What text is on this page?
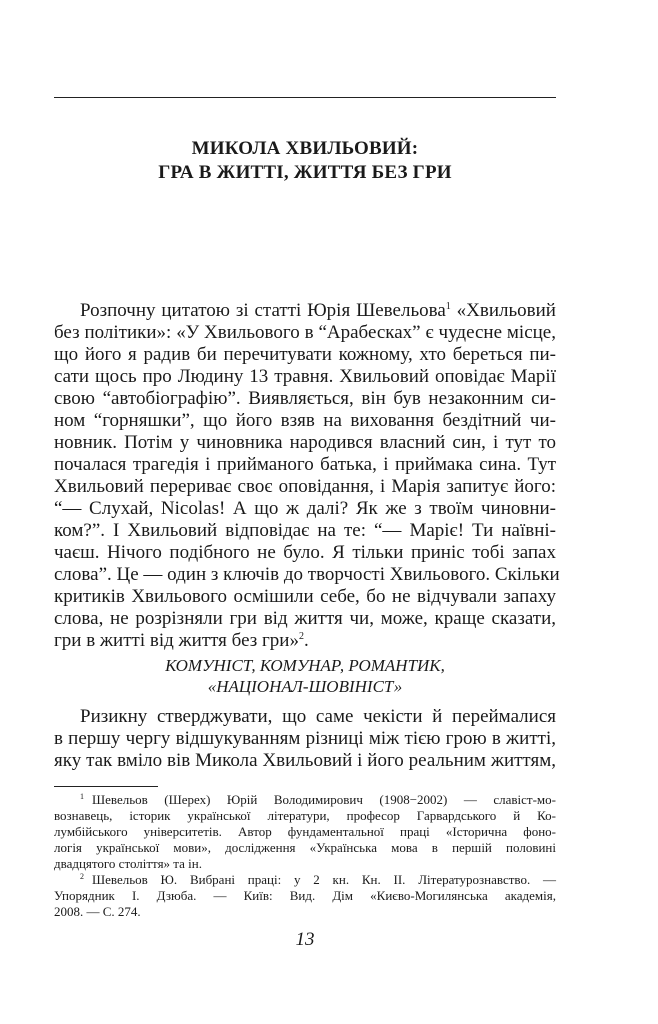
МИКОЛА ХВИЛЬОВИЙ:
ГРА В ЖИТТІ, ЖИТТЯ БЕЗ ГРИ
Розпочну цитатою зі статті Юрія Шевельова$^1$ «Хвильовий
без політики»: «У Хвильового в “Арабесках” є чудесне місце,
що його я радив би перечитувати кожному, хто береться пи-
сати щось про Людину 13 травня. Хвильовий оповідає Марії
свою “автобіографію”. Виявляється, він був незаконним си-
ном “горняшки”, що його взяв на виховання бездітний чи-
новник. Потім у чиновника народився власний син, і тут то
почалася трагедія і прийманого батька, і приймака сина. Тут
Хвильовий перериває своє оповідання, і Марія запитує його:
“— Слухай, Nicolas! А що ж далі? Як же з твоїм чиновни-
ком?”. І Хвильовий відповідає на те: “— Маріє! Ти наївні-
чаєш. Нічого подібного не було. Я тільки приніс тобі запах
слова”. Це — один з ключів до творчості Хвильового. Скільки
критиків Хвильового осмішили себе, бо не відчували запаху
слова, не розрізняли гри від життя чи, може, краще сказати,
гри в житті від життя без гри»$^2$.
КОМУНІСТ, КОМУНАР, РОМАНТИК,
«НАЦІОНАЛ-ШОВІНІСТ»
Ризикну стверджувати, що саме чекісти й переймалися
в першу чергу відшукуванням різниці між тією грою в житті,
яку так вміло вів Микола Хвильовий і його реальним життям,
$^1$ Шевельов (Шерех) Юрій Володимирович (1908−2002) — славіст-мо-
вознавець, історик української літератури, професор Гарвардського й Ко-
лумбійського університетів. Автор фундаментальної праці «Історична фоно-
логія української мови», дослідження «Українська мова в першій половині
двадцятого століття» та ін.
$^2$ Шевельов Ю. Вибрані праці: у 2 кн. Кн. II. Літературознавство. —
Упорядник І. Дзюба. — Київ: Вид. Дім «Києво-Могилянська академія,
2008. — С. 274.
13
